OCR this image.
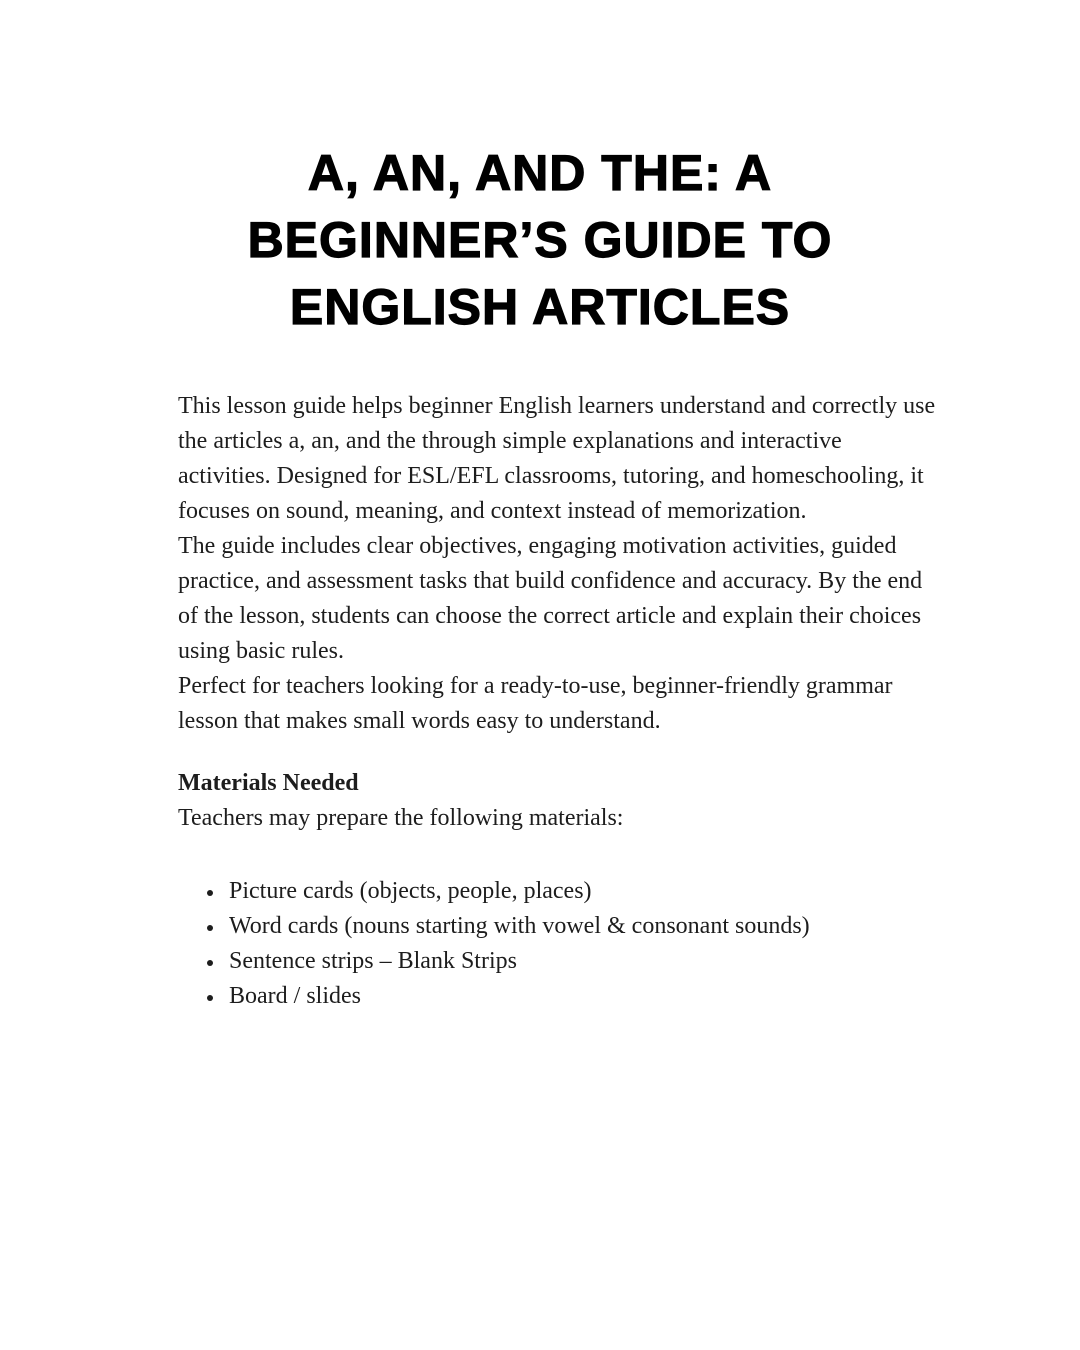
A, AN, AND THE: A
BEGINNER’S GUIDE TO
ENGLISH ARTICLES

This lesson guide helps beginner English learners understand and correctly use the articles a, an, and the through simple explanations and interactive activities. Designed for ESL/EFL classrooms, tutoring, and homeschooling, it focuses on sound, meaning, and context instead of memorization.

The guide includes clear objectives, engaging motivation activities, guided practice, and assessment tasks that build confidence and accuracy. By the end of the lesson, students can choose the correct article and explain their choices using basic rules.

Perfect for teachers looking for a ready-to-use, beginner-friendly grammar lesson that makes small words easy to understand.

Materials Needed

Teachers may prepare the following materials:

• Picture cards (objects, people, places)
• Word cards (nouns starting with vowel & consonant sounds)
• Sentence strips – Blank Strips
• Board / slides
